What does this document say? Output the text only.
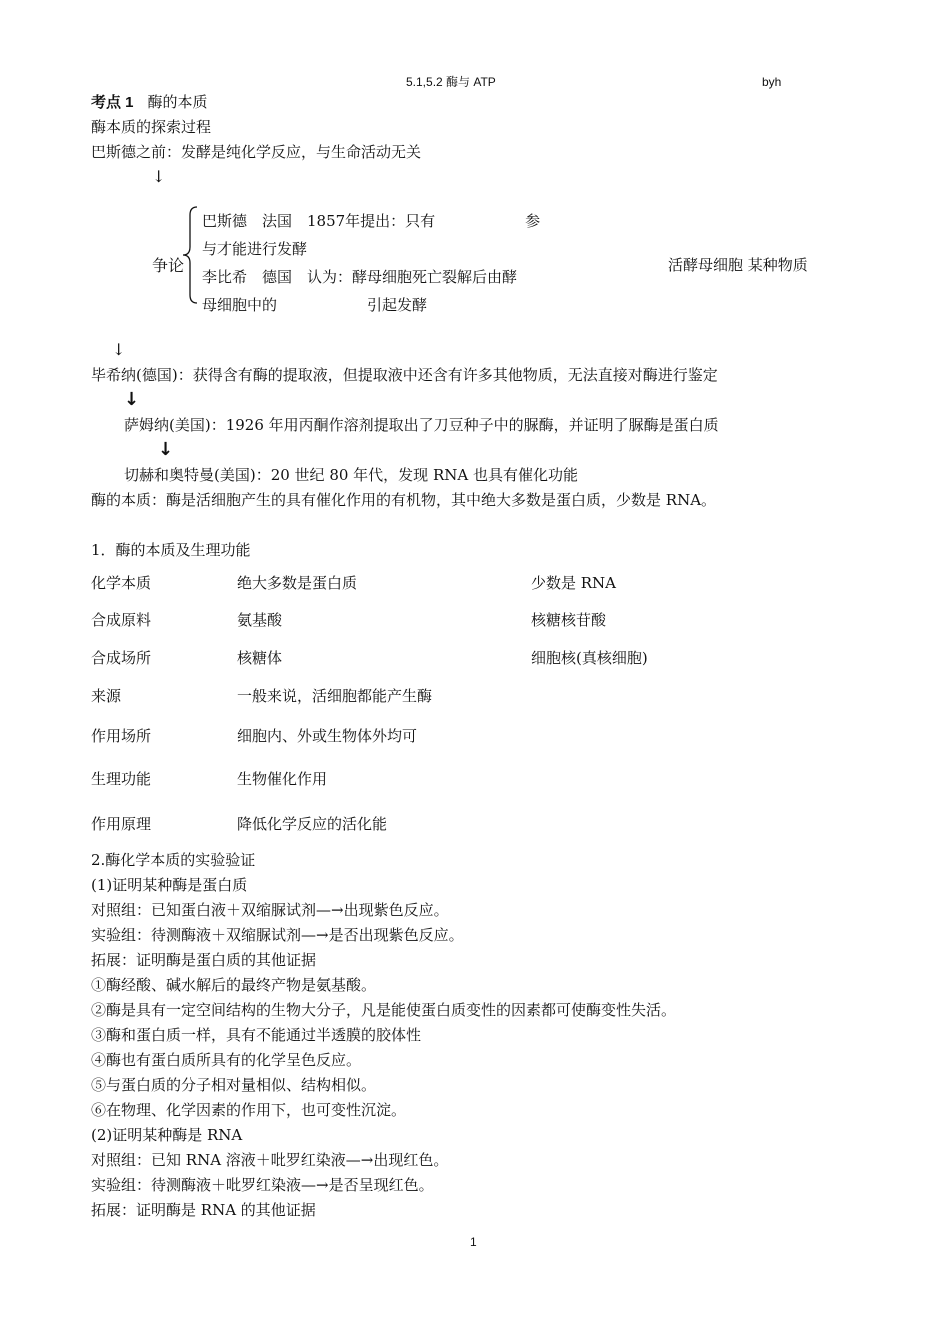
5.1,5.2 酶与 ATP	byh
考点 1 酶的本质
酶本质的探索过程
巴斯德之前：发酵是纯化学反应，与生命活动无关
↓
争论
巴斯德　法国　1857年提出：只有　　　　　　参
与才能进行发酵
李比希　德国　认为：酵母细胞死亡裂解后由酵
母细胞中的　　　　　　引起发酵
活酵母细胞 某种物质
↓
毕希纳(德国)：获得含有酶的提取液，但提取液中还含有许多其他物质，无法直接对酶进行鉴定
↓
萨姆纳(美国)：1926 年用丙酮作溶剂提取出了刀豆种子中的脲酶，并证明了脲酶是蛋白质
↓
切赫和奥特曼(美国)：20 世纪 80 年代，发现 RNA 也具有催化功能
酶的本质：酶是活细胞产生的具有催化作用的有机物，其中绝大多数是蛋白质，少数是 RNA。
1．酶的本质及生理功能
化学本质	绝大多数是蛋白质	少数是 RNA
合成原料	氨基酸	核糖核苷酸
合成场所	核糖体	细胞核(真核细胞)
来源	一般来说，活细胞都能产生酶
作用场所	细胞内、外或生物体外均可
生理功能	生物催化作用
作用原理	降低化学反应的活化能
2.酶化学本质的实验验证
(1)证明某种酶是蛋白质
对照组：已知蛋白液＋双缩脲试剂—→出现紫色反应。
实验组：待测酶液＋双缩脲试剂—→是否出现紫色反应。
拓展：证明酶是蛋白质的其他证据
①酶经酸、碱水解后的最终产物是氨基酸。
②酶是具有一定空间结构的生物大分子，凡是能使蛋白质变性的因素都可使酶变性失活。
③酶和蛋白质一样，具有不能通过半透膜的胶体性
④酶也有蛋白质所具有的化学呈色反应。
⑤与蛋白质的分子相对量相似、结构相似。
⑥在物理、化学因素的作用下，也可变性沉淀。
(2)证明某种酶是 RNA
对照组：已知 RNA 溶液＋吡罗红染液—→出现红色。
实验组：待测酶液＋吡罗红染液—→是否呈现红色。
拓展：证明酶是 RNA 的其他证据
1
